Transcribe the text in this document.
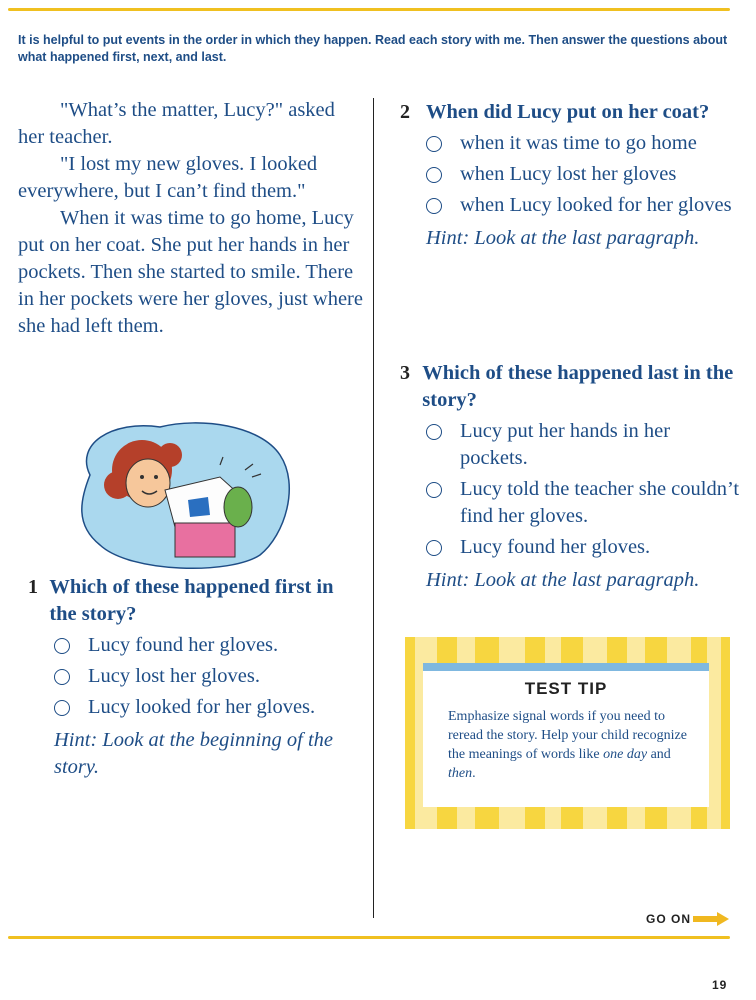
It is helpful to put events in the order in which they happen. Read each story with me. Then answer the questions about what happened first, next, and last.

"What’s the matter, Lucy?" asked her teacher.

"I lost my new gloves. I looked everywhere, but I can’t find them."

When it was time to go home, Lucy put on her coat. She put her hands in her pockets. Then she started to smile. There in her pockets were her gloves, just where she had left them.

1 Which of these happened first in the story?
Lucy found her gloves.
Lucy lost her gloves.
Lucy looked for her gloves.
Hint: Look at the beginning of the story.
2 When did Lucy put on her coat?
when it was time to go home
when Lucy lost her gloves
when Lucy looked for her gloves
Hint: Look at the last paragraph.
3 Which of these happened last in the story?
Lucy put her hands in her pockets.
Lucy told the teacher she couldn’t find her gloves.
Lucy found her gloves.
Hint: Look at the last paragraph.
TEST TIP
Emphasize signal words if you need to reread the story. Help your child recognize the meanings of words like one day and then.
GO ON
19
